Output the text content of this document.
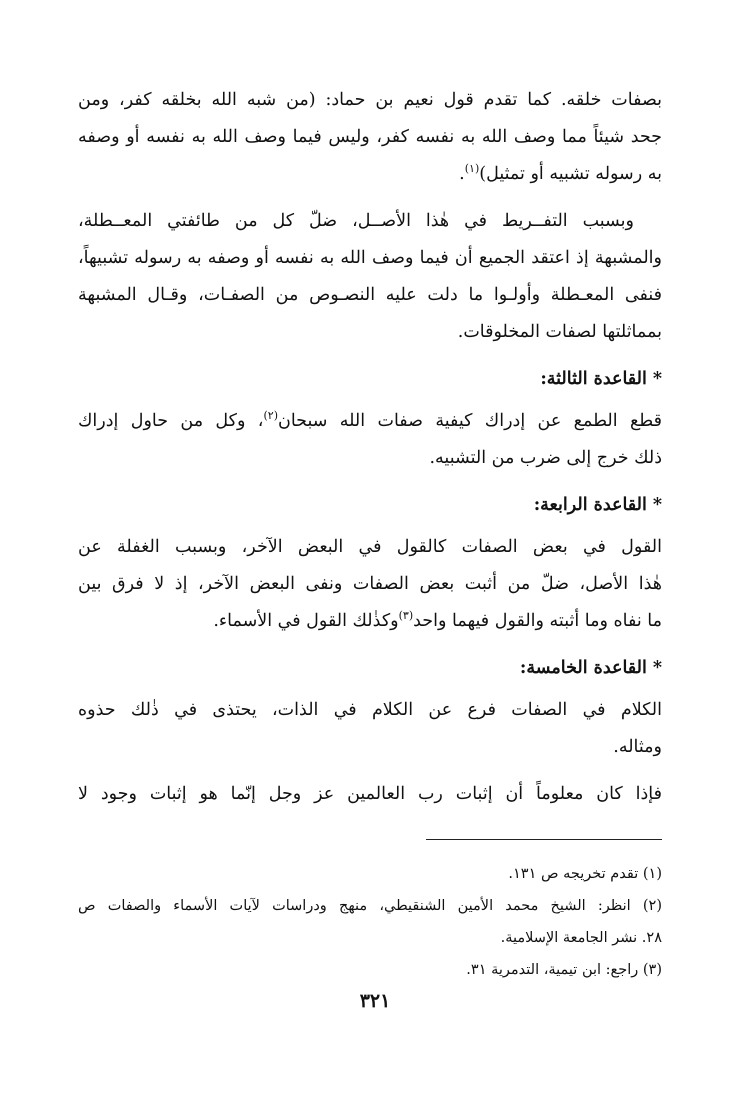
بصفات خلقه. كما تقدم قول نعيم بن حماد: (من شبه الله بخلقه كفر، ومن
جحد شيئاً مما وصف الله به نفسه كفر، وليس فيما وصف الله به نفسه أو وصفه
به رسوله تشبيه أو تمثيل)$^{(١)}$.

وبسبب التفــريط في هٰذا الأصــل، ضلّ كل من طائفتي المعــطلة،
والمشبهة إذ اعتقد الجميع أن فيما وصف الله به نفسه أو وصفه به رسوله تشبيهاً،
فنفى المعـطلة وأولـوا ما دلت عليه النصـوص من الصفـات، وقـال المشبهة
بمماثلتها لصفات المخلوقات.

*القاعدة الثالثة:

قطع الطمع عن إدراك كيفية صفات الله سبحان$^{(٢)}$، وكل من حاول إدراك
ذلك خرج إلى ضرب من التشبيه.

*القاعدة الرابعة:

القول في بعض الصفات كالقول في البعض الآخر، وبسبب الغفلة عن
هٰذا الأصل، ضلّ من أثبت بعض الصفات ونفى البعض الآخر، إذ لا فرق بين
ما نفاه وما أثبته والقول فيهما واحد$^{(٣)}$وكذٰلك القول في الأسماء.

*القاعدة الخامسة:

الكلام في الصفات فرع عن الكلام في الذات، يحتذى في ذٰلك حذوه
ومثاله.

فإذا كان معلوماً أن إثبات رب العالمين عز وجل إنّما هو إثبات وجود لا

(١) تقدم تخريجه ص ١٣١.
(٢) انظر: الشيخ محمد الأمين الشنقيطي، منهج ودراسات لآيات الأسماء والصفات ص
٢٨. نشر الجامعة الإسلامية.
(٣) راجع: ابن تيمية، التدمرية ٣١.
٣٢١
